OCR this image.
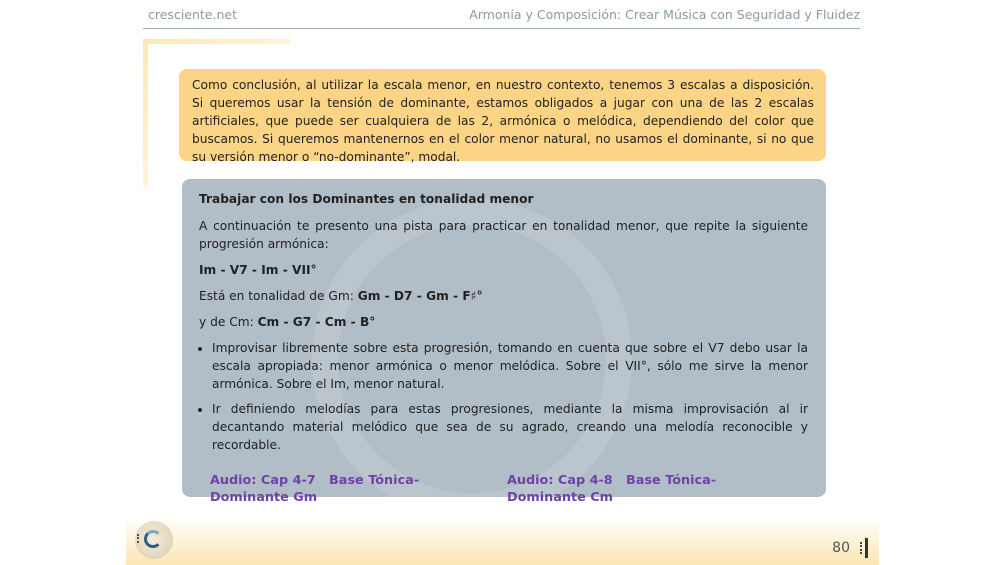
cresciente.net	Armonía y Composición: Crear Música con Seguridad y Fluidez
Como conclusión, al utilizar la escala menor, en nuestro contexto, tenemos 3 escalas a disposición. Si queremos usar la tensión de dominante, estamos obligados a jugar con una de las 2 escalas artificiales, que puede ser cualquiera de las 2, armónica o melódica, dependiendo del color que buscamos. Si queremos mantenernos en el color menor natural, no usamos el dominante, si no que su versión menor o “no-dominante”, modal.

Trabajar con los Dominantes en tonalidad menor

A continuación te presento una pista para practicar en tonalidad menor, que repite la siguiente progresión armónica:

Im - V7 - Im - VII°

Está en tonalidad de Gm: Gm - D7 - Gm - F♯°

y de Cm: Cm - G7 - Cm - B°

• Improvisar libremente sobre esta progresión, tomando en cuenta que sobre el V7 debo usar la escala apropiada: menor armónica o menor melódica. Sobre el VII°, sólo me sirve la menor armónica. Sobre el Im, menor natural.
• Ir definiendo melodías para estas progresiones, mediante la misma improvisación al ir decantando material melódico que sea de su agrado, creando una melodía reconocible y recordable.
Audio: Cap 4-7   Base Tónica-
Dominante Gm
Audio: Cap 4-8   Base Tónica-
Dominante Cm
80
